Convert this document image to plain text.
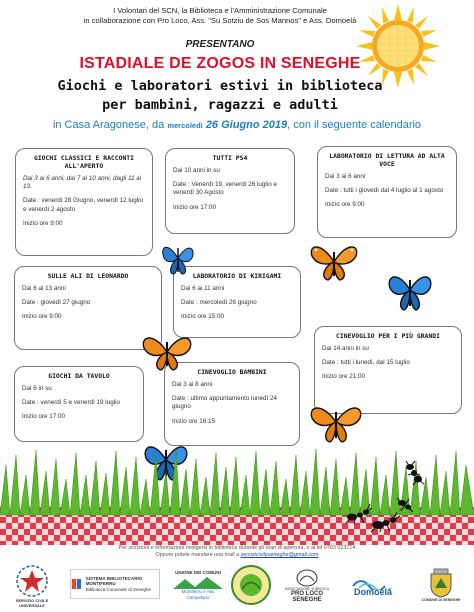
I Volontari del SCN, la Biblioteca e l'Amministrazione Comunale
in collaborazione con Pro Loco, Ass. "Su Sotziu de Sos Mannos" e Ass. Domoelà
PRESENTANO
ISTADIALE DE ZOGOS IN SENEGHE
Giochi e laboratori estivi in biblioteca
per bambini, ragazzi e adulti
in Casa Aragonese, da mercoledì 26 Giugno 2019, con il seguente calendario
GIOCHI CLASSICI E RACCONTI ALL'APERTO

Dai 3 ai 6 anni, dai 7 ai 10 anni, dagli 11 ai 13.

Date : venerdì 28 Giugno, venerdì 12 luglio e venerdì 2 agosto

Inizio ore 9:00

TUTTI PS4

Dai 10 anni in su

Date : Venerdì 19, venerdì 26 luglio e venerdì 30 Agosto

Inizio ore 17:00

LABORATORIO DI LETTURA AD ALTA VOCE

Dai 3 ai 6 anni

Date : tutti i giovedì dal 4 luglio al 1 agosto

Inizio ore 9:00

SULLE ALI DI LEONARDO

Dai 6 ai 13 anni

Date : giovedì 27 giugno

Inizio ore 9:00

LABORATORIO DI KIRIGAMI

Dai 6 ai 11 anni

Date : mercoledì 26 giugno

Inizio ore 15:00

CINEVOGLIO PER I PIÙ GRANDI

Dai 14 anni in su

Date : tutti i lunedì, dal 15 luglio

Inizio ore 21:00

GIOCHI DA TAVOLO

Dai 6 in su

Date : venerdì 5 e venerdì 19 luglio

Inizio ore 17:00

CINEVOGLIO BAMBINI

Dai 3 ai 8 anni

Date : ultimo appuntamento lunedì 24 giugno

Inizio ore 16:15

Per iscrizioni e informazioni rivolgersi in biblioteca durante gli orari di apertura, o al tel 0783 023714
Oppure potete mandare una mail a servizicivileseneghe@gmail.com
SERVIZIO CIVILE UNIVERSALE
SISTEMA BIBLIOTECARIO MONTIFERRU
Biblioteca Comunale di Seneghe
UNIONE DEI COMUNI
Montiferru e Alto Campidano
ASSOCIAZIONE TURISTICA
PRO LOCO SENEGHE
Domoelà
COMUNE DI SENEGHE
